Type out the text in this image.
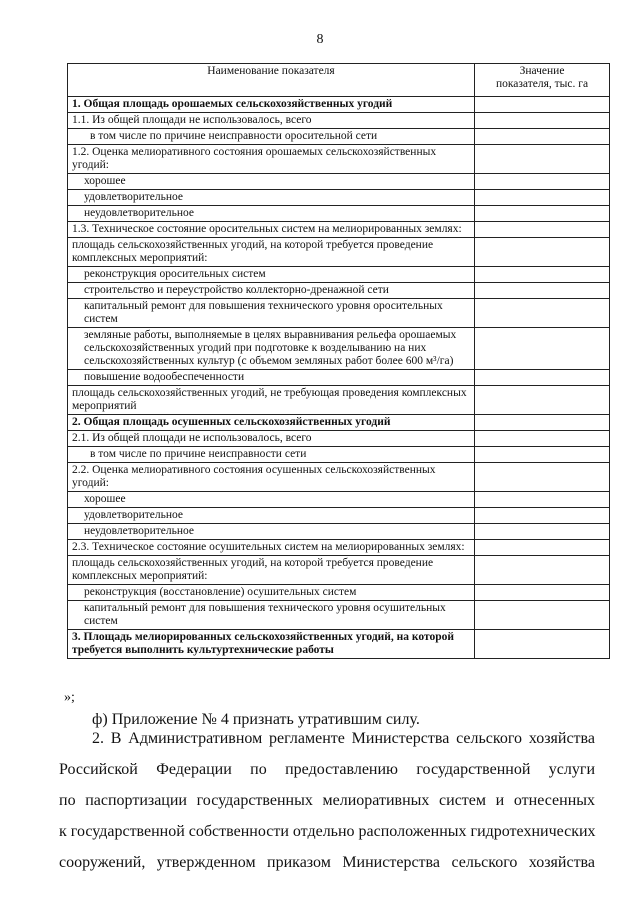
8
Наименование показателя	Значение
показателя, тыс. га
1. Общая площадь орошаемых сельскохозяйственных угодий	
1.1. Из общей площади не использовалось, всего	
в том числе по причине неисправности оросительной сети	
1.2. Оценка мелиоративного состояния орошаемых сельскохозяйственных угодий:	
хорошее	
удовлетворительное	
неудовлетворительное	
1.3. Техническое состояние оросительных систем на мелиорированных землях:	
площадь сельскохозяйственных угодий, на которой требуется проведение комплексных мероприятий:	
реконструкция оросительных систем	
строительство и переустройство коллекторно-дренажной сети	
капитальный ремонт для повышения технического уровня оросительных систем	
земляные работы, выполняемые в целях выравнивания рельефа орошаемых сельскохозяйственных угодий при подготовке к возделыванию на них сельскохозяйственных культур (с объемом земляных работ более 600 м³/га)	
повышение водообеспеченности	
площадь сельскохозяйственных угодий, не требующая проведения комплексных мероприятий	
2. Общая площадь осушенных сельскохозяйственных угодий	
2.1. Из общей площади не использовалось, всего	
в том числе по причине неисправности сети	
2.2. Оценка мелиоративного состояния осушенных сельскохозяйственных угодий:	
хорошее	
удовлетворительное	
неудовлетворительное	
2.3. Техническое состояние осушительных систем на мелиорированных землях:	
площадь сельскохозяйственных угодий, на которой требуется проведение комплексных мероприятий:	
реконструкция (восстановление) осушительных систем	
капитальный ремонт для повышения технического уровня осушительных систем	
3. Площадь мелиорированных сельскохозяйственных угодий, на которой требуется выполнить культуртехнические работы	
»;
ф) Приложение № 4 признать утратившим силу.
2. В Административном регламенте Министерства сельского хозяйства
Российской Федерации по предоставлению государственной услуги
по паспортизации государственных мелиоративных систем и отнесенных
к государственной собственности отдельно расположенных гидротехнических
сооружений, утвержденном приказом Министерства сельского хозяйства
